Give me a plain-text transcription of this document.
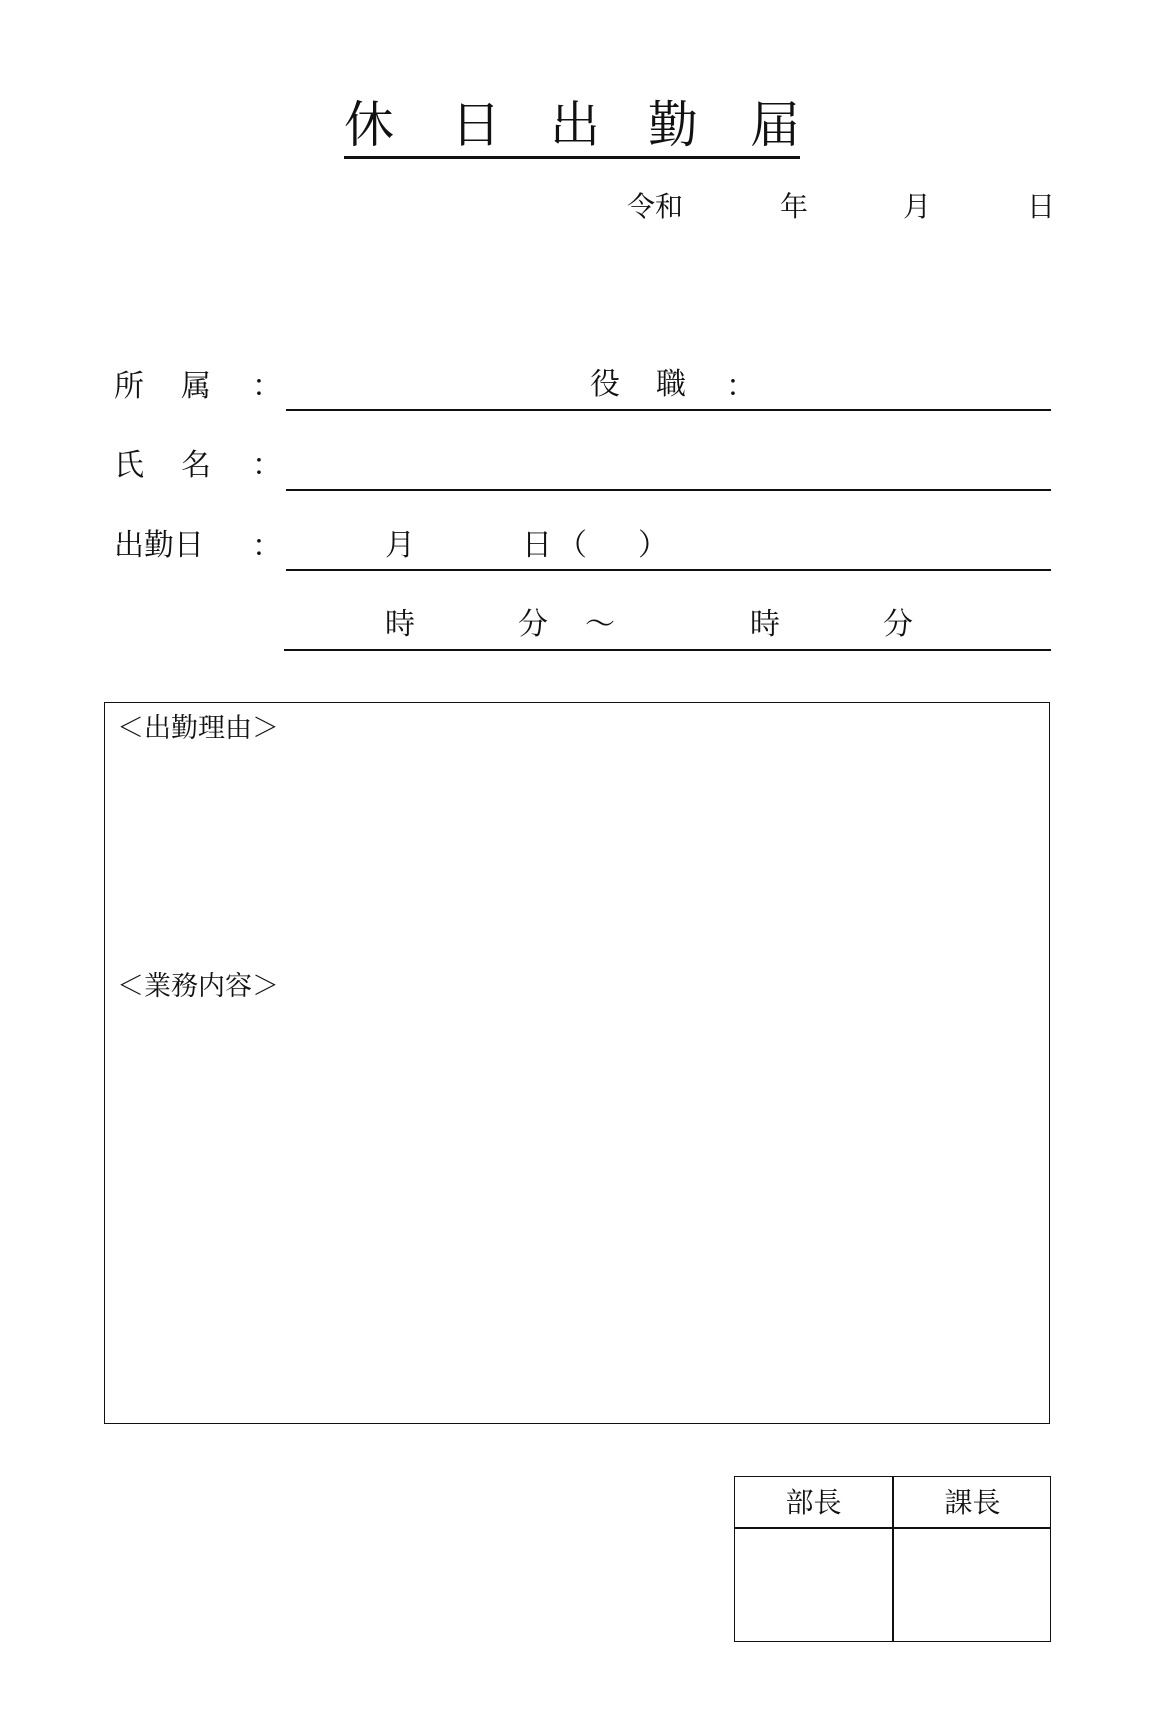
休 日 出 勤 届
令和	年	月	日
所 属 ：	役 職 ：
氏 名 ：
出勤日 ：	月	日 （ ）
時	分 ～	時	分
＜出勤理由＞
＜業務内容＞
部長	課長
